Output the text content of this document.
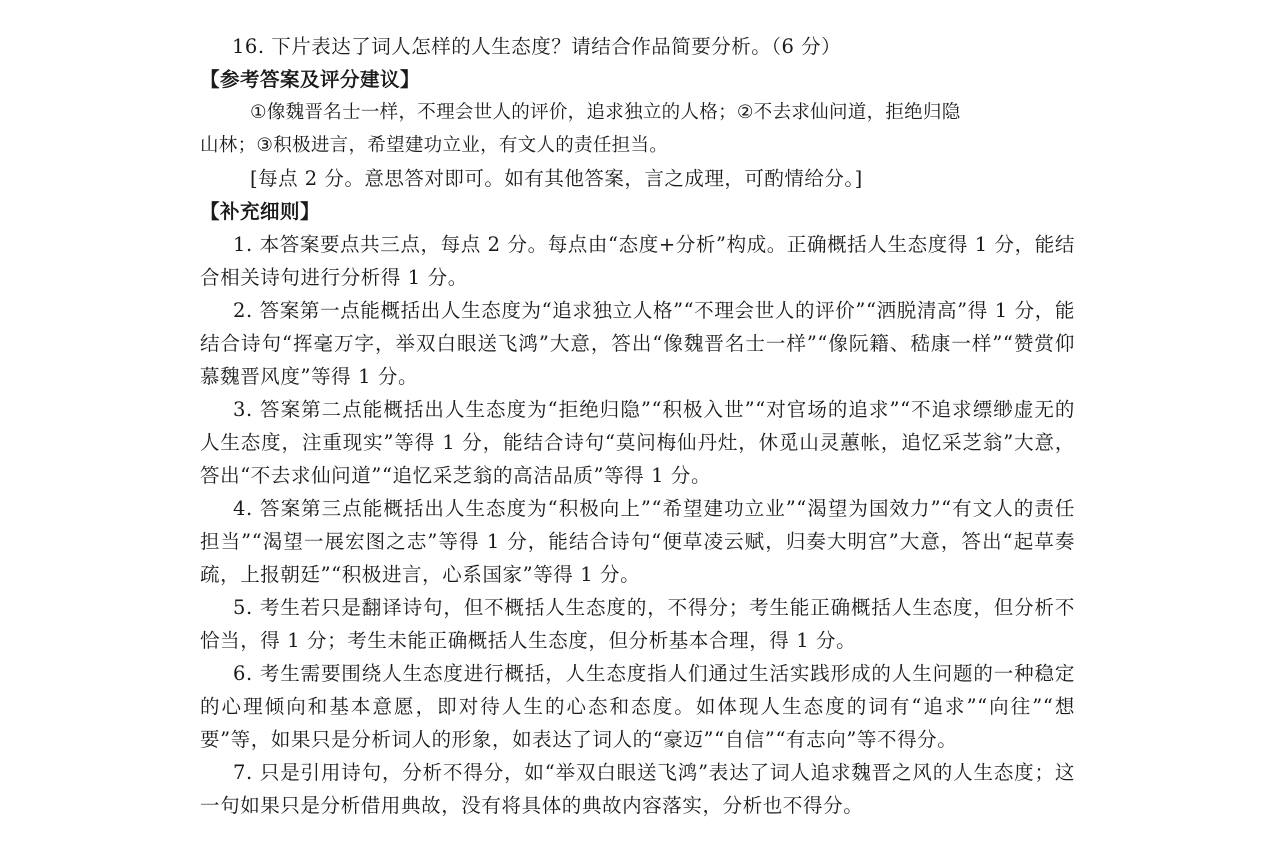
16. 下片表达了词人怎样的人生态度？请结合作品简要分析。（6 分）
【参考答案及评分建议】
①像魏晋名士一样，不理会世人的评价，追求独立的人格；②不去求仙问道，拒绝归隐
山林；③积极进言，希望建功立业，有文人的责任担当。
[每点 2 分。意思答对即可。如有其他答案，言之成理，可酌情给分。]
【补充细则】

1. 本答案要点共三点，每点 2 分。每点由“态度+分析”构成。正确概括人生态度得 1 分，能结合相关诗句进行分析得 1 分。

2. 答案第一点能概括出人生态度为“追求独立人格”“不理会世人的评价”“洒脱清高”得 1 分，能结合诗句“挥毫万字，举双白眼送飞鸿”大意，答出“像魏晋名士一样”“像阮籍、嵇康一样”“赞赏仰慕魏晋风度”等得 1 分。

3. 答案第二点能概括出人生态度为“拒绝归隐”“积极入世”“对官场的追求”“不追求缥缈虚无的人生态度，注重现实”等得 1 分，能结合诗句“莫问梅仙丹灶，休觅山灵蕙帐，追忆采芝翁”大意，答出“不去求仙问道”“追忆采芝翁的高洁品质”等得 1 分。

4. 答案第三点能概括出人生态度为“积极向上”“希望建功立业”“渴望为国效力”“有文人的责任担当”“渴望一展宏图之志”等得 1 分，能结合诗句“便草凌云赋，归奏大明宫”大意，答出“起草奏疏，上报朝廷”“积极进言，心系国家”等得 1 分。

5. 考生若只是翻译诗句，但不概括人生态度的，不得分；考生能正确概括人生态度，但分析不恰当，得 1 分；考生未能正确概括人生态度，但分析基本合理，得 1 分。

6. 考生需要围绕人生态度进行概括，人生态度指人们通过生活实践形成的人生问题的一种稳定的心理倾向和基本意愿，即对待人生的心态和态度。如体现人生态度的词有“追求”“向往”“想要”等，如果只是分析词人的形象，如表达了词人的“豪迈”“自信”“有志向”等不得分。

7. 只是引用诗句，分析不得分，如“举双白眼送飞鸿”表达了词人追求魏晋之风的人生态度；这一句如果只是分析借用典故，没有将具体的典故内容落实，分析也不得分。
